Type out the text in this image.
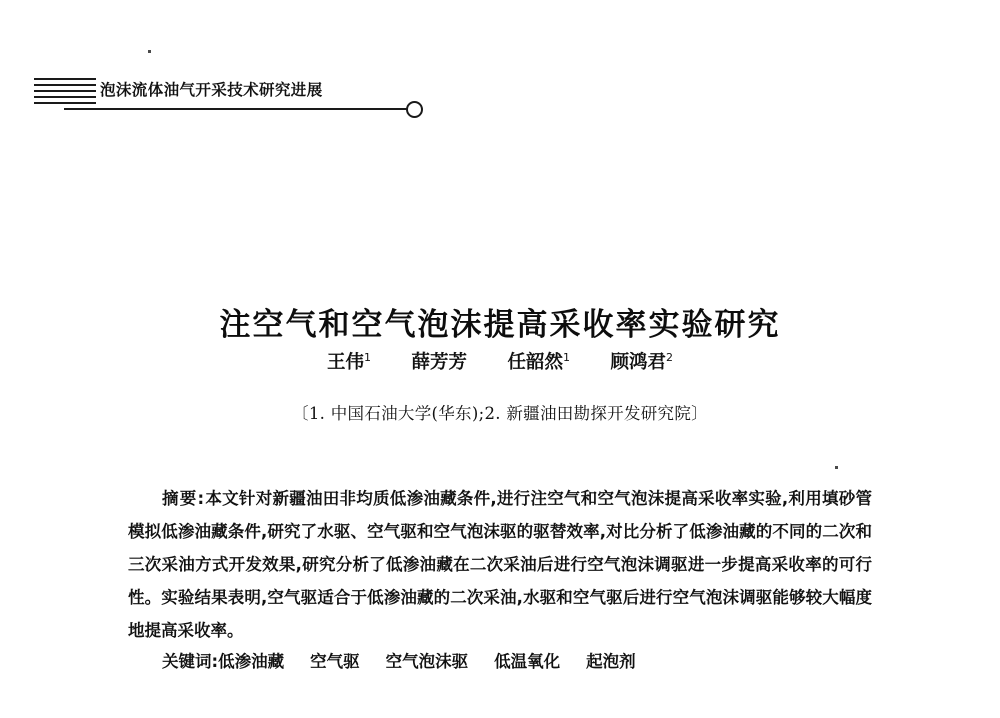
泡沫流体油气开采技术研究进展
注空气和空气泡沫提高采收率实验研究
王伟$^1$ 薛芳芳 任韶然$^1$ 顾鸿君$^2$
〔1. 中国石油大学(华东);2. 新疆油田勘探开发研究院〕

摘要:本文针对新疆油田非均质低渗油藏条件,进行注空气和空气泡沫提高采收率实验,利用填砂管模拟低渗油藏条件,研究了水驱、空气驱和空气泡沫驱的驱替效率,对比分析了低渗油藏的不同的二次和三次采油方式开发效果,研究分析了低渗油藏在二次采油后进行空气泡沫调驱进一步提高采收率的可行性。实验结果表明,空气驱适合于低渗油藏的二次采油,水驱和空气驱后进行空气泡沫调驱能够较大幅度地提高采收率。

关键词:低渗油藏 空气驱 空气泡沫驱 低温氧化 起泡剂
